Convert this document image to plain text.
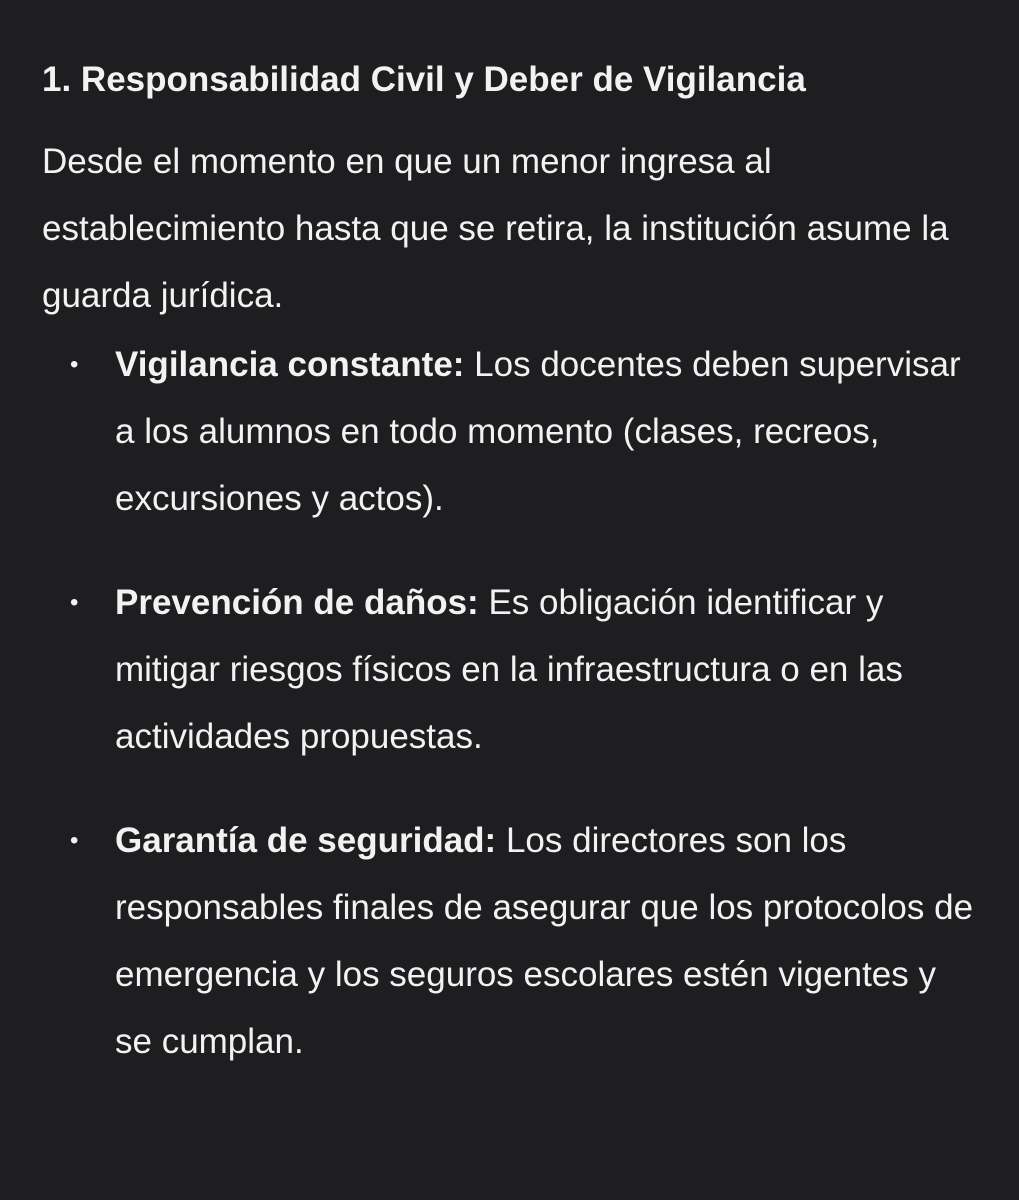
1. Responsabilidad Civil y Deber de Vigilancia

Desde el momento en que un menor ingresa al establecimiento hasta que se retira, la institución asume la guarda jurídica.

• Vigilancia constante: Los docentes deben supervisar a los alumnos en todo momento (clases, recreos, excursiones y actos).
• Prevención de daños: Es obligación identificar y mitigar riesgos físicos en la infraestructura o en las actividades propuestas.
• Garantía de seguridad: Los directores son los responsables finales de asegurar que los protocolos de emergencia y los seguros escolares estén vigentes y se cumplan.
